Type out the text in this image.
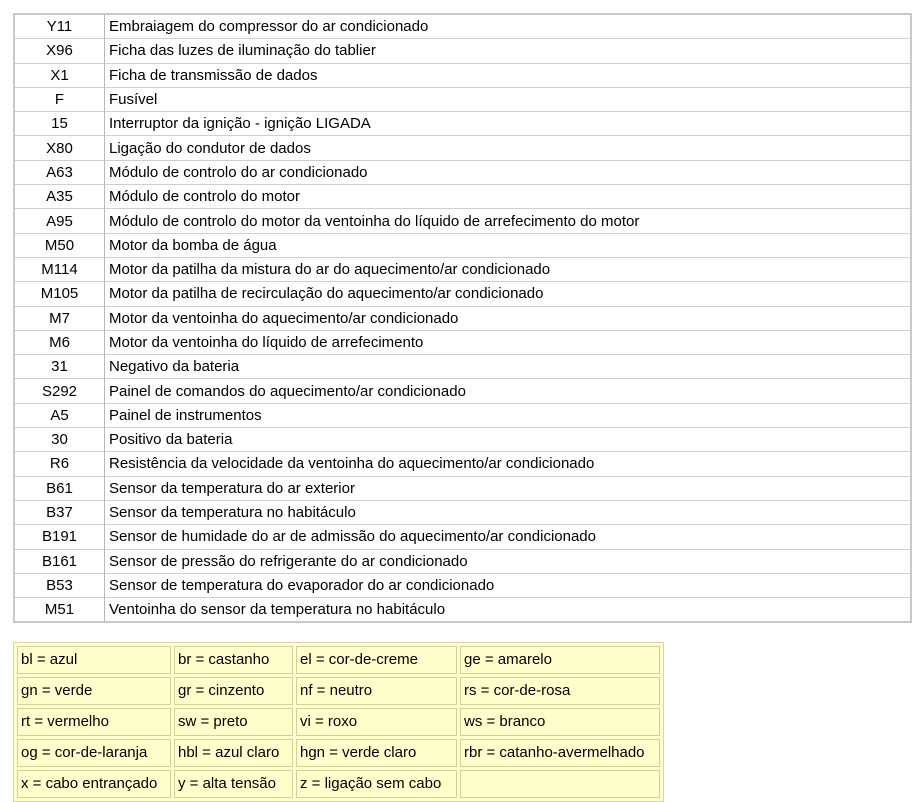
Y11	Embraiagem do compressor do ar condicionado
X96	Ficha das luzes de iluminação do tablier
X1	Ficha de transmissão de dados
F	Fusível
15	Interruptor da ignição - ignição LIGADA
X80	Ligação do condutor de dados
A63	Módulo de controlo do ar condicionado
A35	Módulo de controlo do motor
A95	Módulo de controlo do motor da ventoinha do líquido de arrefecimento do motor
M50	Motor da bomba de água
M114	Motor da patilha da mistura do ar do aquecimento/ar condicionado
M105	Motor da patilha de recirculação do aquecimento/ar condicionado
M7	Motor da ventoinha do aquecimento/ar condicionado
M6	Motor da ventoinha do líquido de arrefecimento
31	Negativo da bateria
S292	Painel de comandos do aquecimento/ar condicionado
A5	Painel de instrumentos
30	Positivo da bateria
R6	Resistência da velocidade da ventoinha do aquecimento/ar condicionado
B61	Sensor da temperatura do ar exterior
B37	Sensor da temperatura no habitáculo
B191	Sensor de humidade do ar de admissão do aquecimento/ar condicionado
B161	Sensor de pressão do refrigerante do ar condicionado
B53	Sensor de temperatura do evaporador do ar condicionado
M51	Ventoinha do sensor da temperatura no habitáculo
bl = azul	br = castanho	el = cor-de-creme	ge = amarelo
gn = verde	gr = cinzento	nf = neutro	rs = cor-de-rosa
rt = vermelho	sw = preto	vi = roxo	ws = branco
og = cor-de-laranja	hbl = azul claro	hgn = verde claro	rbr = catanho-avermelhado
x = cabo entrançado	y = alta tensão	z = ligação sem cabo	
